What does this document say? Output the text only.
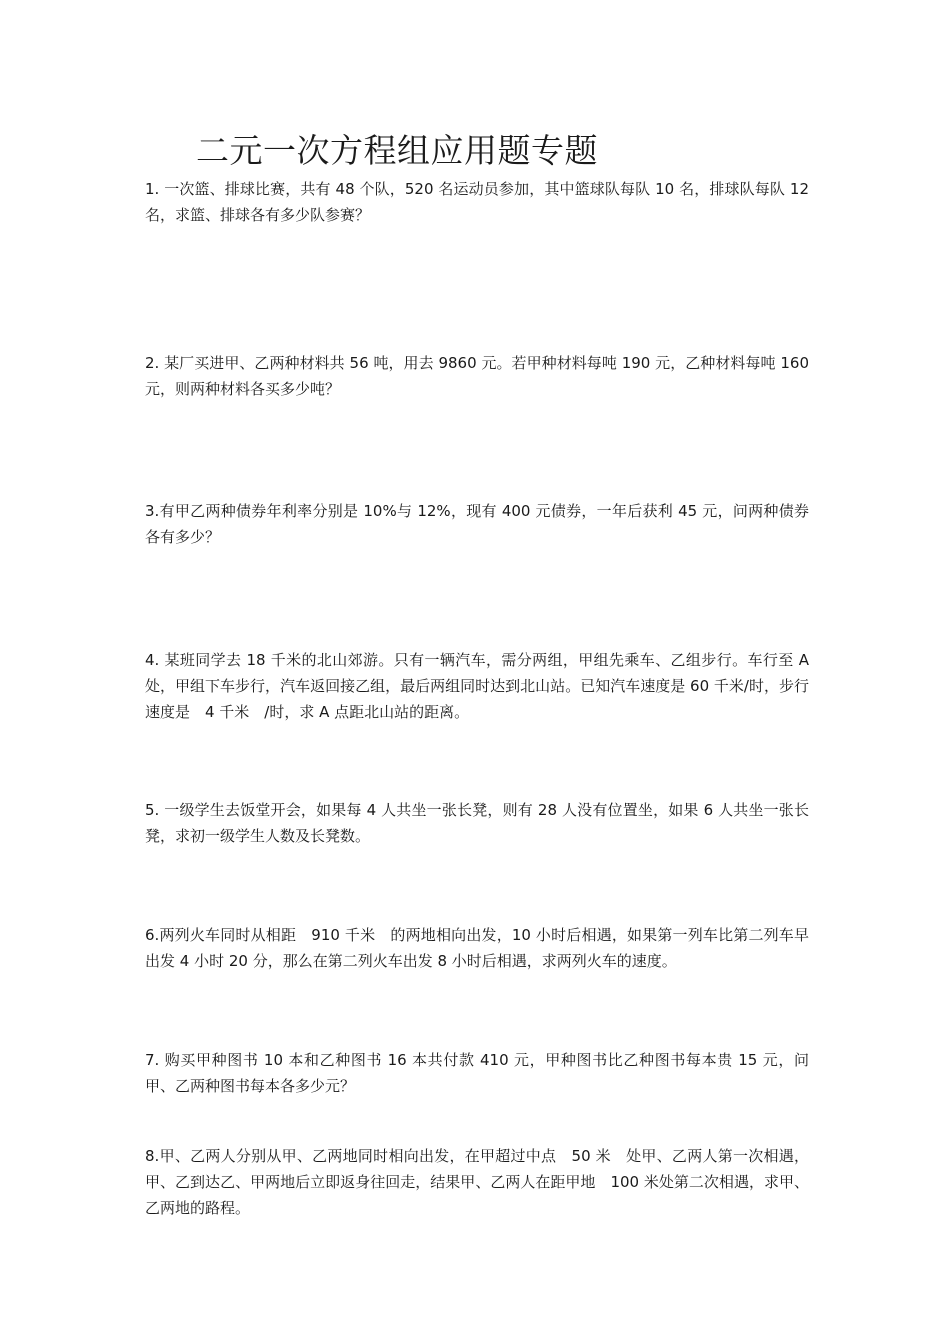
二元一次方程组应用题专题

1. 一次篮、排球比赛，共有 48 个队，520 名运动员参加，其中篮球队每队 10 名，排球队每队 12 名，求篮、排球各有多少队参赛？

2. 某厂买进甲、乙两种材料共 56 吨，用去 9860 元。若甲种材料每吨 190 元，乙种材料每吨 160 元，则两种材料各买多少吨？

3.有甲乙两种债券年利率分别是 10%与 12%，现有 400 元债券，一年后获利 45 元，问两种债券各有多少？

4. 某班同学去 18 千米的北山郊游。只有一辆汽车，需分两组，甲组先乘车、乙组步行。车行至 A 处，甲组下车步行，汽车返回接乙组，最后两组同时达到北山站。已知汽车速度是 60 千米/时，步行速度是　4 千米　/时，求 A 点距北山站的距离。

5. 一级学生去饭堂开会，如果每 4 人共坐一张长凳，则有 28 人没有位置坐，如果 6 人共坐一张长凳，求初一级学生人数及长凳数。

6.两列火车同时从相距　910 千米　的两地相向出发，10 小时后相遇，如果第一列车比第二列车早出发 4 小时 20 分，那么在第二列火车出发 8 小时后相遇，求两列火车的速度。

7. 购买甲种图书 10 本和乙种图书 16 本共付款 410 元，甲种图书比乙种图书每本贵 15 元，问甲、乙两种图书每本各多少元？

8.甲、乙两人分别从甲、乙两地同时相向出发，在甲超过中点　50 米　处甲、乙两人第一次相遇，甲、乙到达乙、甲两地后立即返身往回走，结果甲、乙两人在距甲地　100 米处第二次相遇，求甲、乙两地的路程。
